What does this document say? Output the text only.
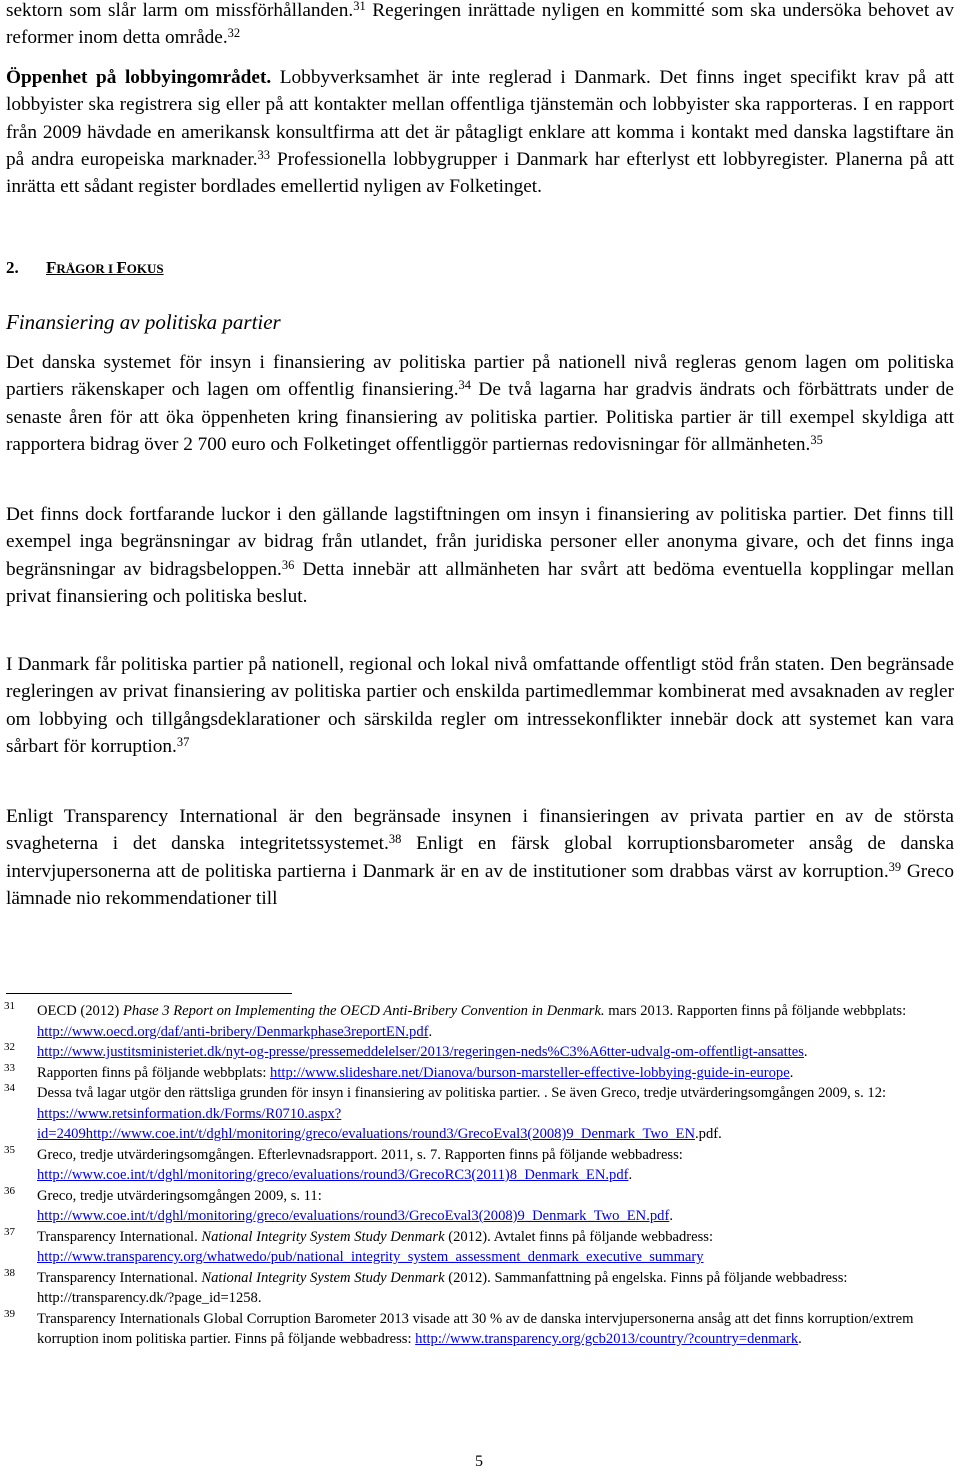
sektorn som slår larm om missförhållanden.$^{31}$ Regeringen inrättade nyligen en kommitté som ska undersöka behovet av reformer inom detta område.$^{32}$

Öppenhet på lobbyingområdet. Lobbyverksamhet är inte reglerad i Danmark. Det finns inget specifikt krav på att lobbyister ska registrera sig eller på att kontakter mellan offentliga tjänstemän och lobbyister ska rapporteras. I en rapport från 2009 hävdade en amerikansk konsultfirma att det är påtagligt enklare att komma i kontakt med danska lagstiftare än på andra europeiska marknader.$^{33}$ Professionella lobbygrupper i Danmark har efterlyst ett lobbyregister. Planerna på att inrätta ett sådant register bordlades emellertid nyligen av Folketinget.

2. FRÅGOR I FOKUS

Finansiering av politiska partier

Det danska systemet för insyn i finansiering av politiska partier på nationell nivå regleras genom lagen om politiska partiers räkenskaper och lagen om offentlig finansiering.$^{34}$ De två lagarna har gradvis ändrats och förbättrats under de senaste åren för att öka öppenheten kring finansiering av politiska partier. Politiska partier är till exempel skyldiga att rapportera bidrag över 2 700 euro och Folketinget offentliggör partiernas redovisningar för allmänheten.$^{35}$

Det finns dock fortfarande luckor i den gällande lagstiftningen om insyn i finansiering av politiska partier. Det finns till exempel inga begränsningar av bidrag från utlandet, från juridiska personer eller anonyma givare, och det finns inga begränsningar av bidragsbeloppen.$^{36}$ Detta innebär att allmänheten har svårt att bedöma eventuella kopplingar mellan privat finansiering och politiska beslut.

I Danmark får politiska partier på nationell, regional och lokal nivå omfattande offentligt stöd från staten. Den begränsade regleringen av privat finansiering av politiska partier och enskilda partimedlemmar kombinerat med avsaknaden av regler om lobbying och tillgångsdeklarationer och särskilda regler om intressekonflikter innebär dock att systemet kan vara sårbart för korruption.$^{37}$

Enligt Transparency International är den begränsade insynen i finansieringen av privata partier en av de största svagheterna i det danska integritetssystemet.$^{38}$ Enligt en färsk global korruptionsbarometer ansåg de danska intervjupersonerna att de politiska partierna i Danmark är en av de institutioner som drabbas värst av korruption.$^{39}$ Greco lämnade nio rekommendationer till

31 OECD (2012) Phase 3 Report on Implementing the OECD Anti-Bribery Convention in Denmark. mars 2013. Rapporten finns på följande webbplats: http://www.oecd.org/daf/anti-bribery/Denmarkphase3reportEN.pdf.

32 http://www.justitsministeriet.dk/nyt-og-presse/pressemeddelelser/2013/regeringen-neds%C3%A6tter-udvalg-om-offentligt-ansattes.

33 Rapporten finns på följande webbplats: http://www.slideshare.net/Dianova/burson-marsteller-effective-lobbying-guide-in-europe.

34 Dessa två lagar utgör den rättsliga grunden för insyn i finansiering av politiska partier. . Se även Greco, tredje utvärderingsomgången 2009, s. 12: https://www.retsinformation.dk/Forms/R0710.aspx?id=2409http://www.coe.int/t/dghl/monitoring/greco/evaluations/round3/GrecoEval3(2008)9_Denmark_Two_EN.pdf.

35 Greco, tredje utvärderingsomgången. Efterlevnadsrapport. 2011, s. 7. Rapporten finns på följande webbadress: http://www.coe.int/t/dghl/monitoring/greco/evaluations/round3/GrecoRC3(2011)8_Denmark_EN.pdf.

36 Greco, tredje utvärderingsomgången 2009, s. 11: http://www.coe.int/t/dghl/monitoring/greco/evaluations/round3/GrecoEval3(2008)9_Denmark_Two_EN.pdf.

37 Transparency International. National Integrity System Study Denmark (2012). Avtalet finns på följande webbadress: http://www.transparency.org/whatwedo/pub/national_integrity_system_assessment_denmark_executive_summary

38 Transparency International. National Integrity System Study Denmark (2012). Sammanfattning på engelska. Finns på följande webbadress: http://transparency.dk/?page_id=1258.

39 Transparency Internationals Global Corruption Barometer 2013 visade att 30 % av de danska intervjupersonerna ansåg att det finns korruption/extrem korruption inom politiska partier. Finns på följande webbadress: http://www.transparency.org/gcb2013/country/?country=denmark.

5
